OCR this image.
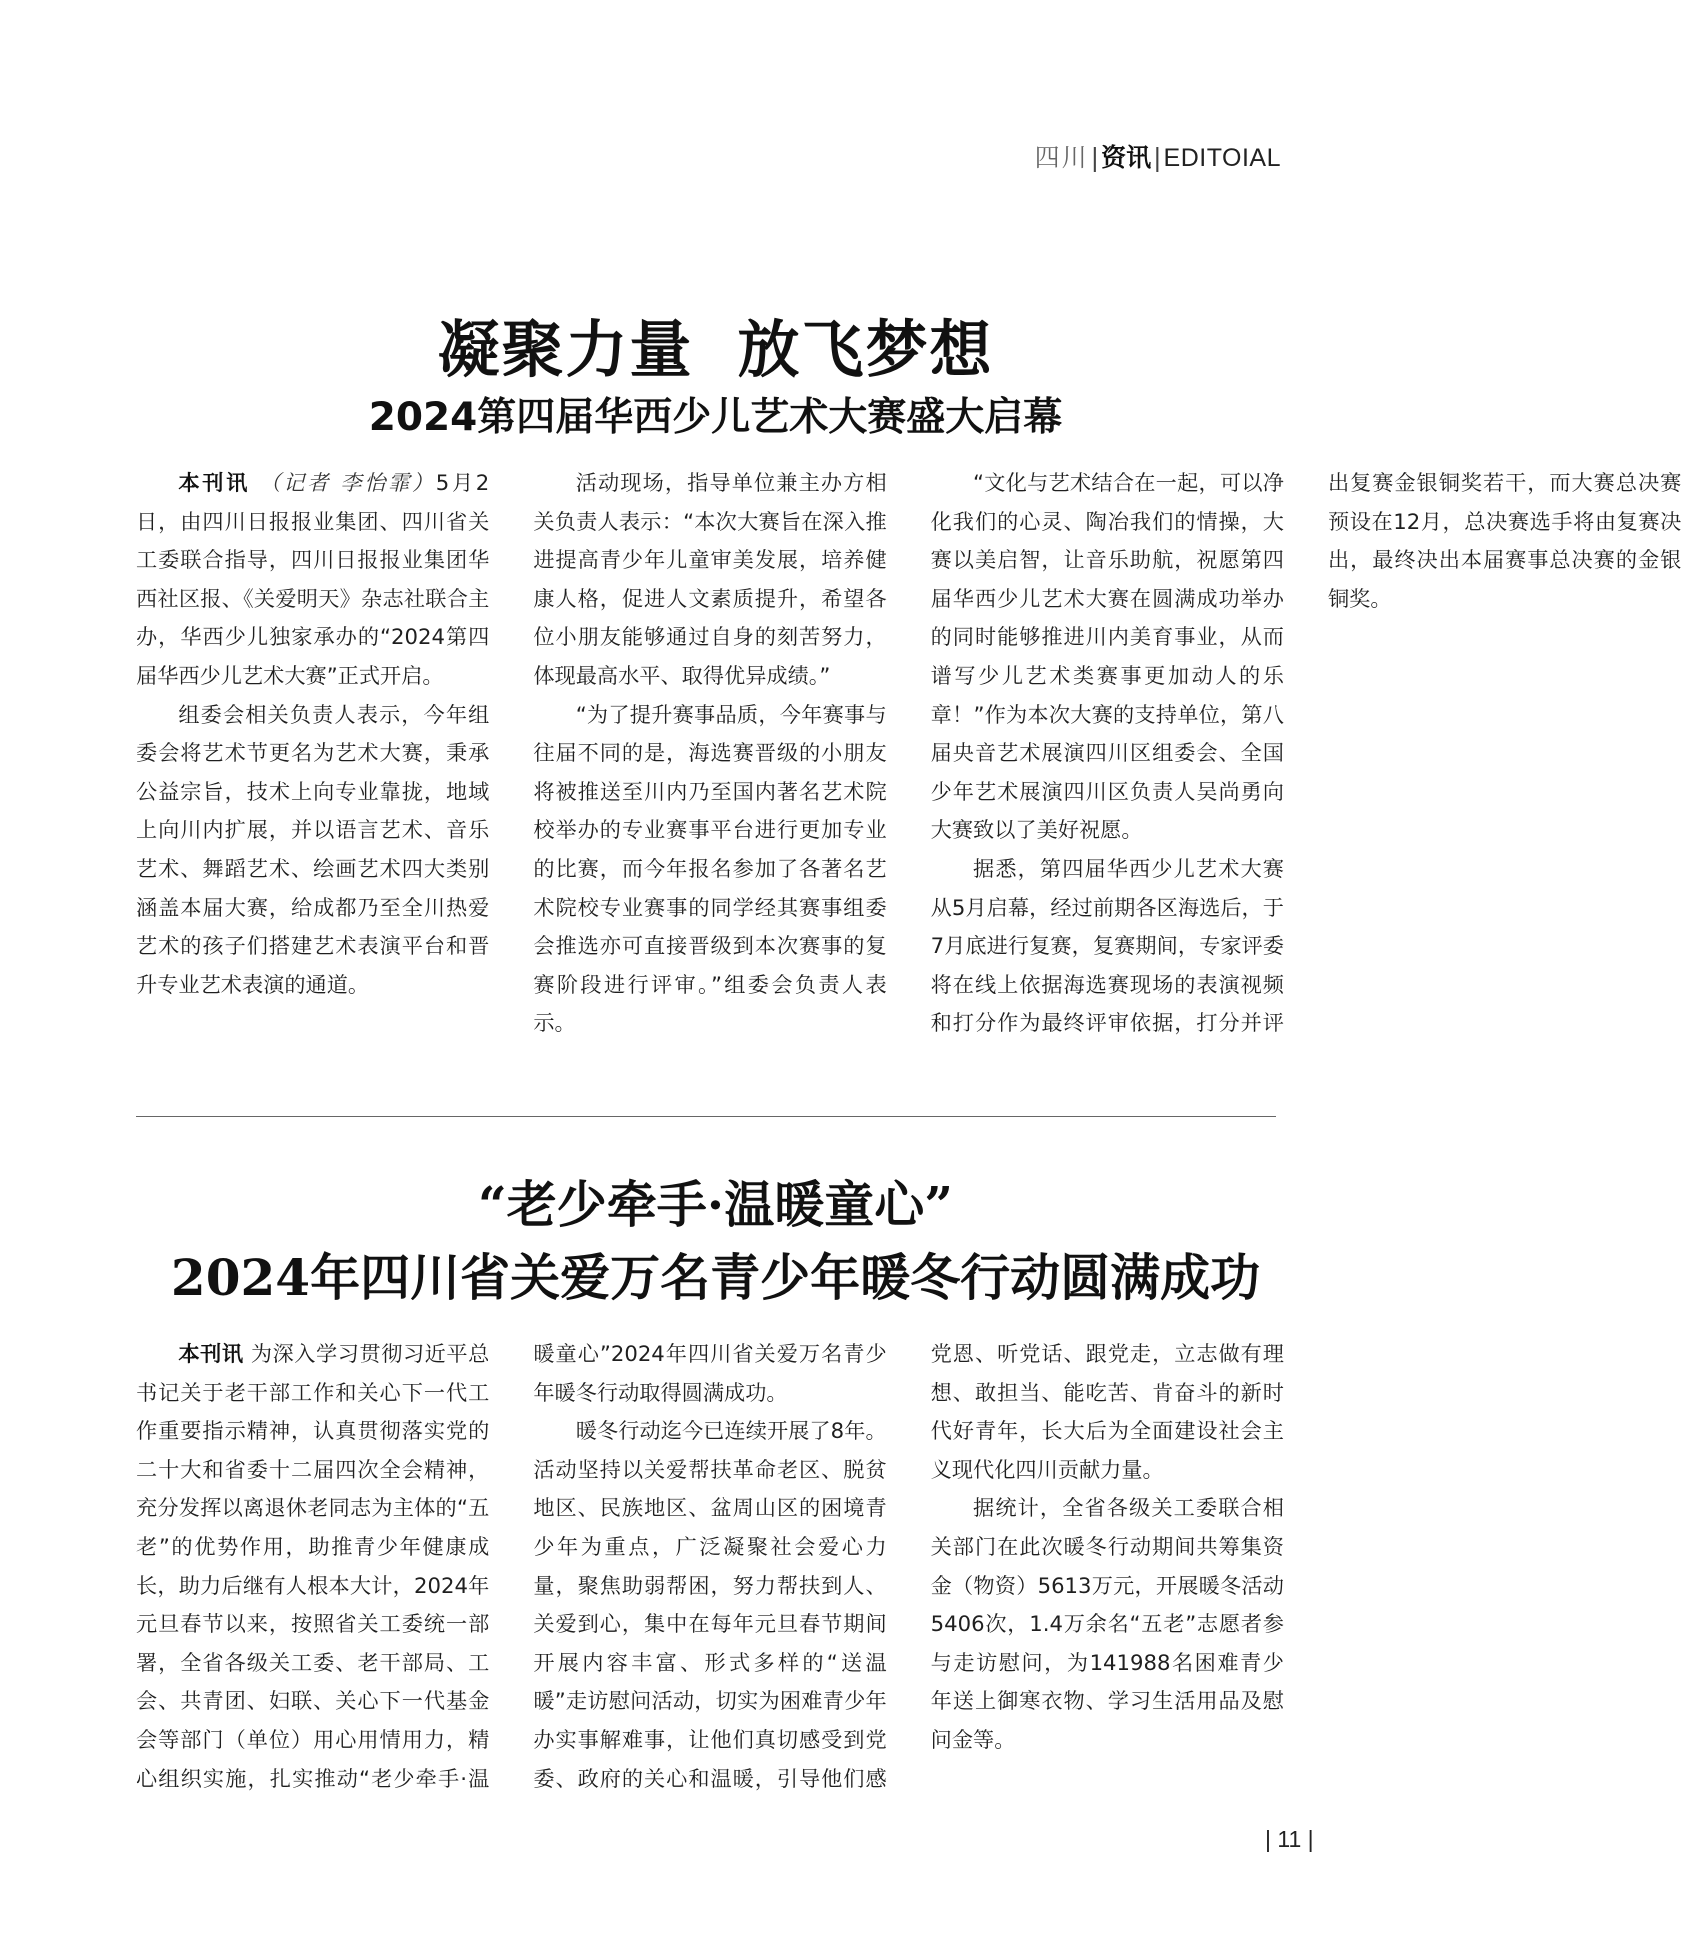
四川|资讯|EDITOIAL
凝聚力量 放飞梦想
2024第四届华西少儿艺术大赛盛大启幕

本刊讯 （记者 李怡霏）5月2日，由四川日报报业集团、四川省关工委联合指导，四川日报报业集团华西社区报、《关爱明天》杂志社联合主办，华西少儿独家承办的“2024第四届华西少儿艺术大赛”正式开启。

组委会相关负责人表示，今年组委会将艺术节更名为艺术大赛，秉承公益宗旨，技术上向专业靠拢，地域上向川内扩展，并以语言艺术、音乐艺术、舞蹈艺术、绘画艺术四大类别涵盖本届大赛，给成都乃至全川热爱艺术的孩子们搭建艺术表演平台和晋升专业艺术表演的通道。

活动现场，指导单位兼主办方相关负责人表示：“本次大赛旨在深入推进提高青少年儿童审美发展，培养健康人格，促进人文素质提升，希望各位小朋友能够通过自身的刻苦努力，体现最高水平、取得优异成绩。”

“为了提升赛事品质，今年赛事与往届不同的是，海选赛晋级的小朋友将被推送至川内乃至国内著名艺术院校举办的专业赛事平台进行更加专业的比赛，而今年报名参加了各著名艺术院校专业赛事的同学经其赛事组委会推选亦可直接晋级到本次赛事的复赛阶段进行评审。”组委会负责人表示。

“文化与艺术结合在一起，可以净化我们的心灵、陶冶我们的情操，大赛以美启智，让音乐助航，祝愿第四届华西少儿艺术大赛在圆满成功举办的同时能够推进川内美育事业，从而谱写少儿艺术类赛事更加动人的乐章！”作为本次大赛的支持单位，第八届央音艺术展演四川区组委会、全国少年艺术展演四川区负责人吴尚勇向大赛致以了美好祝愿。

据悉，第四届华西少儿艺术大赛从5月启幕，经过前期各区海选后，于7月底进行复赛，复赛期间，专家评委将在线上依据海选赛现场的表演视频和打分作为最终评审依据，打分并评出复赛金银铜奖若干，而大赛总决赛预设在12月，总决赛选手将由复赛决出，最终决出本届赛事总决赛的金银铜奖。

“老少牵手·温暖童心”
2024年四川省关爱万名青少年暖冬行动圆满成功

本刊讯 为深入学习贯彻习近平总书记关于老干部工作和关心下一代工作重要指示精神，认真贯彻落实党的二十大和省委十二届四次全会精神，充分发挥以离退休老同志为主体的“五老”的优势作用，助推青少年健康成长，助力后继有人根本大计，2024年元旦春节以来，按照省关工委统一部署，全省各级关工委、老干部局、工会、共青团、妇联、关心下一代基金会等部门（单位）用心用情用力，精心组织实施，扎实推动“老少牵手·温暖童心”2024年四川省关爱万名青少年暖冬行动取得圆满成功。

暖冬行动迄今已连续开展了8年。活动坚持以关爱帮扶革命老区、脱贫地区、民族地区、盆周山区的困境青少年为重点，广泛凝聚社会爱心力量，聚焦助弱帮困，努力帮扶到人、关爱到心，集中在每年元旦春节期间开展内容丰富、形式多样的“送温暖”走访慰问活动，切实为困难青少年办实事解难事，让他们真切感受到党委、政府的关心和温暖，引导他们感党恩、听党话、跟党走，立志做有理想、敢担当、能吃苦、肯奋斗的新时代好青年，长大后为全面建设社会主义现代化四川贡献力量。

据统计，全省各级关工委联合相关部门在此次暖冬行动期间共筹集资金（物资）5613万元，开展暖冬活动5406次，1.4万余名“五老”志愿者参与走访慰问，为141988名困难青少年送上御寒衣物、学习生活用品及慰问金等。

| 11 |
